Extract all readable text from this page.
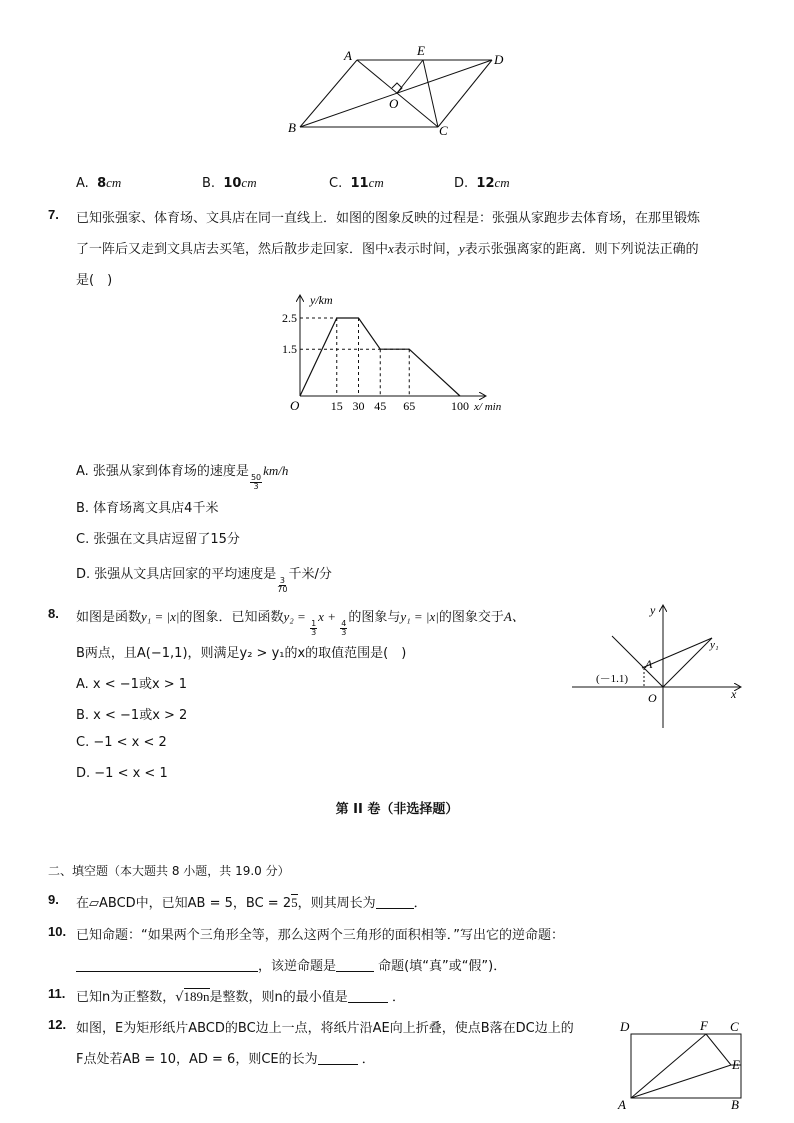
A	E
D
O
B	C
A. 8cm	B. 10cm	C. 11cm	D. 12cm
7. 已知张强家、体育场、文具店在同一直线上．如图的图象反映的过程是：张强从家跑步去体育场，在那里锻炼
了一阵后又走到文具店去买笔，然后散步走回家．图中x表示时间，y表示张强离家的距离．则下列说法正确的
是(　)
15 30 45 65	100
2.5
1.5
y/km
x/ min
O
A. 张强从家到体育场的速度是
$\frac{50}{3}$
km/h
B. 体育场离文具店4千米
C. 张强在文具店逗留了15分
D. 张强从文具店回家的平均速度是
$\frac{3}{70}$
千米/分
8. 如图是函数y₁ = |x|的图象．已知函数y₂ =
$\frac{1}{3}$
x +
$\frac{4}{3}$
的图象与y₁ = |x|的图象交于A、
B两点，且A(−1,1)，则满足y₂ > y₁的x的取值范围是(　)
A. x < −1或x > 1
B. x < −1或x > 2
C. −1 < x < 2
D. −1 < x < 1
y
y₁
A
(－1.1)
O	x
第 II 卷（非选择题）
二、填空题（本大题共 8 小题，共 19.0 分）
9. 在▱ABCD中，已知AB = 5，BC = 25，则其周长为	．
10. 已知命题：“如果两个三角形全等，那么这两个三角形的面积相等．”写出它的逆命题：
，该逆命题是	命题(填“真”或“假”)．
11. 已知n为正整数，√189n是整数，则n的最小值是	．
12. 如图，E为矩形纸片ABCD的BC边上一点，将纸片沿AE向上折叠，使点B落在DC边上的
F点处若AB = 10，AD = 6，则CE的长为	．
D	F C
E
A	B
